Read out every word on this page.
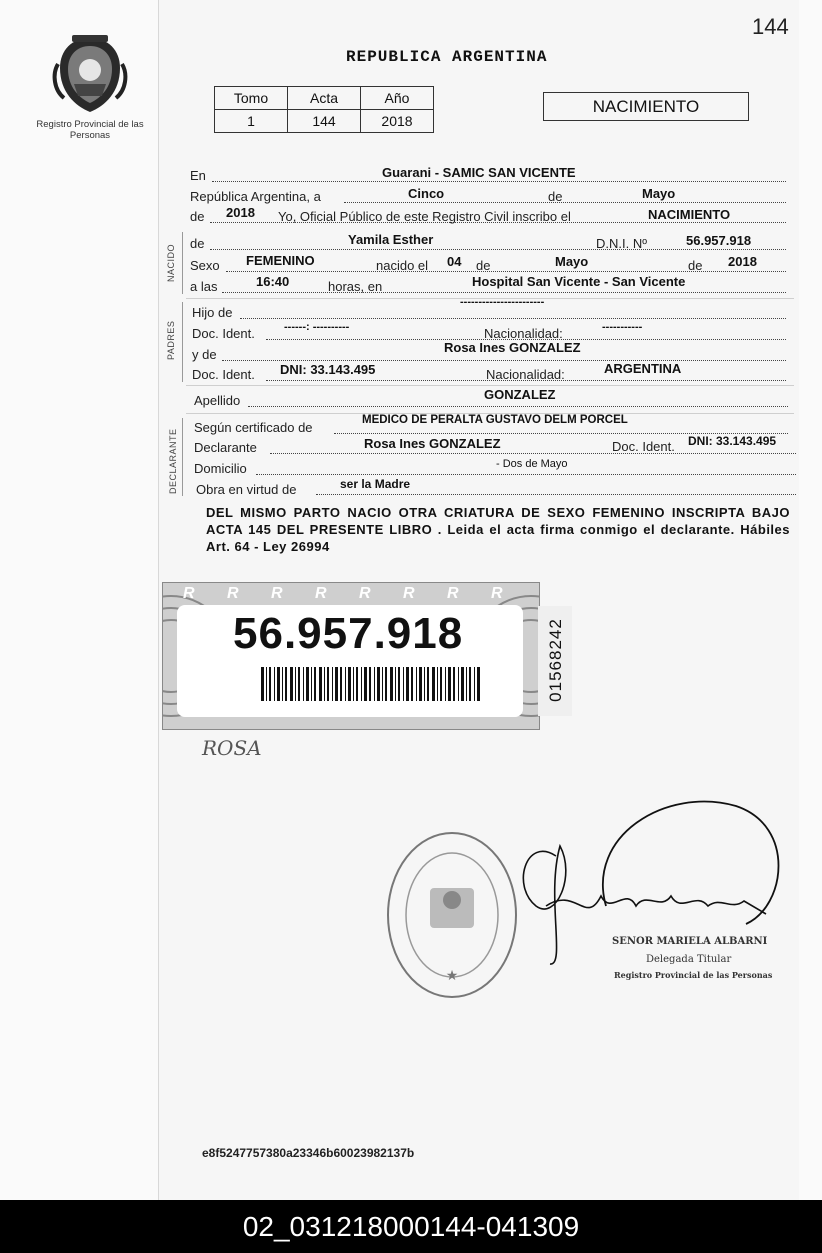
144
Registro Provincial de las Personas
REPUBLICA ARGENTINA
Tomo	Acta	Año
1	144	2018
NACIMIENTO
En	Guarani - SAMIC SAN VICENTE
República Argentina, a	Cinco	de	Mayo
de 2018 Yo, Oficial Público de este Registro Civil inscribo el	NACIMIENTO
NACIDO
de	Yamila Esther	D.N.I. Nº	56.957.918
Sexo FEMENINO	nacido el 04 de	Mayo	de 2018
a las	16:40	horas, en	Hospital San Vicente - San Vicente
PADRES
Hijo de
-----------------------
Doc. Ident.	------: ----------	Nacionalidad:	-----------
y de	Rosa Ines GONZALEZ
Doc. Ident. DNI: 33.143.495	Nacionalidad:	ARGENTINA
Apellido	GONZALEZ
DECLARANTE
Según certificado de	MEDICO DE PERALTA GUSTAVO DELM PORCEL
Declarante	Rosa Ines GONZALEZ	Doc. Ident. DNI: 33.143.495
Domicilio	- Dos de Mayo
Obra en virtud de	ser la Madre
DEL MISMO PARTO NACIO OTRA CRIATURA DE SEXO FEMENINO INSCRIPTA BAJO ACTA 145 DEL PRESENTE LIBRO . Leida el acta firma conmigo el declarante. Hábiles Art. 64 - Ley 26994
R R R R R R R R
56.957.918	01568242
ROSA
★
SENOR MARIELA ALBARNI
Delegada Titular
Registro Provincial de las Personas
e8f5247757380a23346b60023982137b
02_031218000144-041309
